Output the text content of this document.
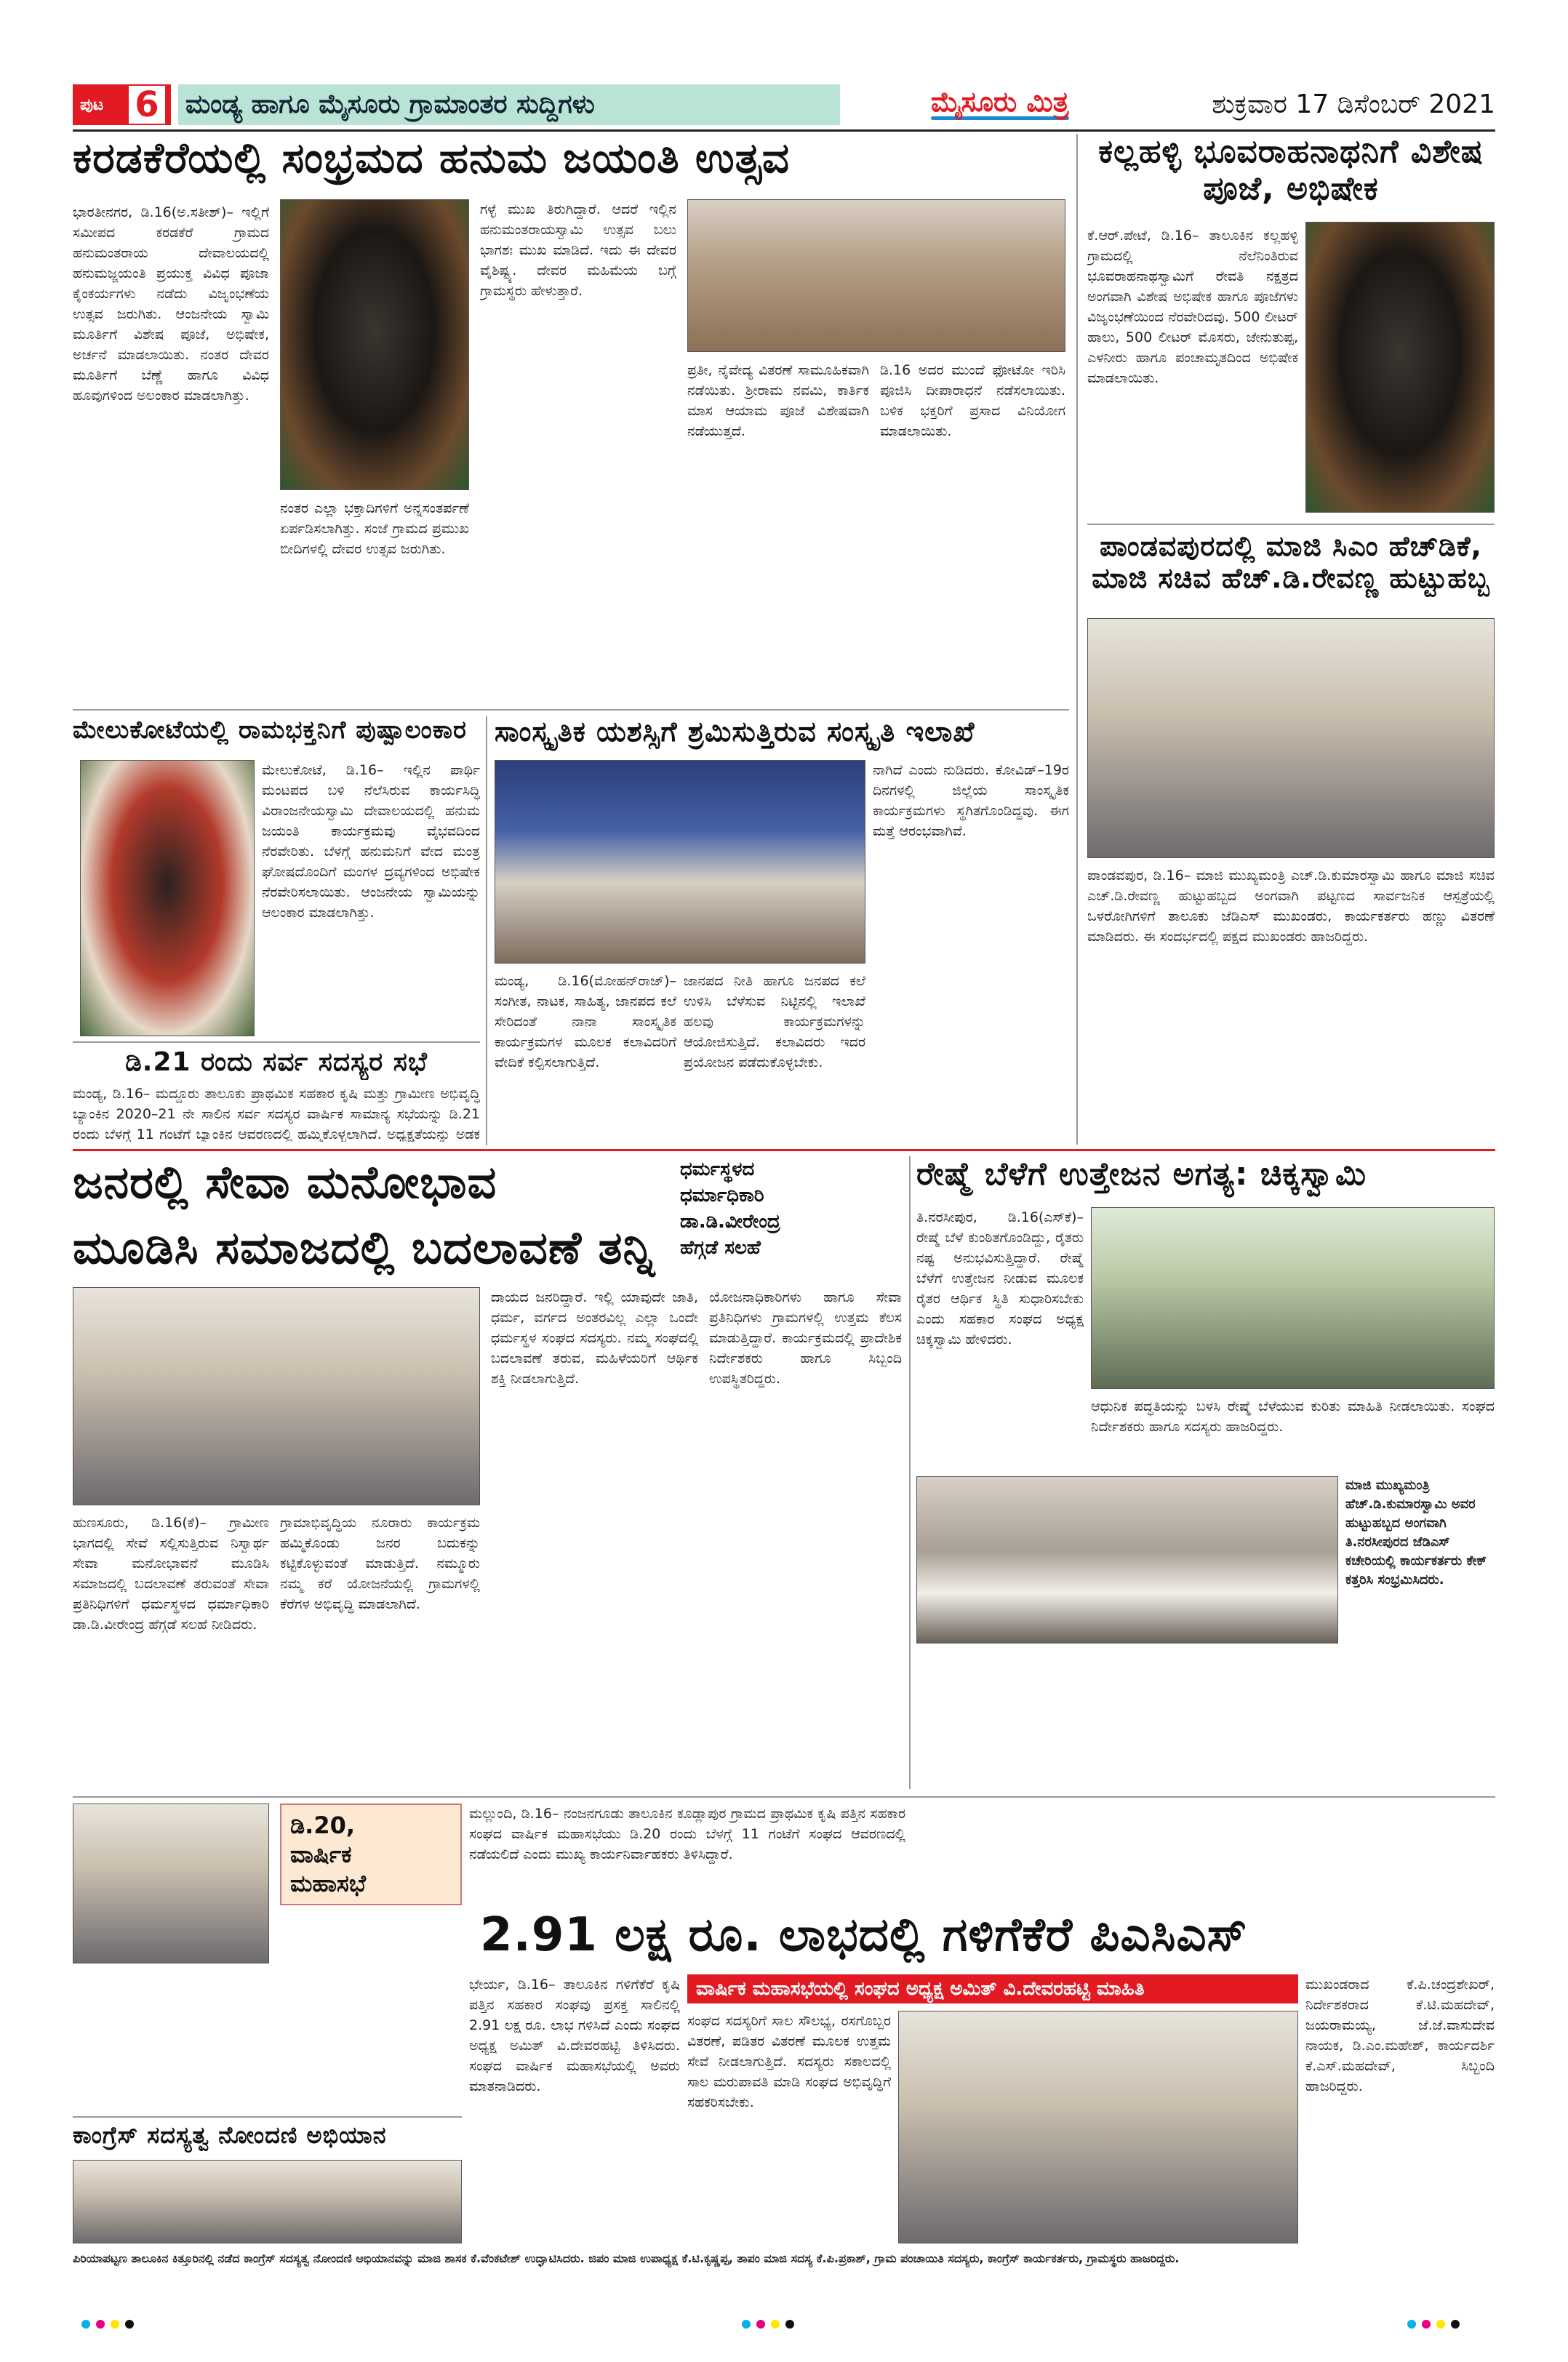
ಪುಟ 6 ಮಂಡ್ಯ ಹಾಗೂ ಮೈಸೂರು ಗ್ರಾಮಾಂತರ ಸುದ್ದಿಗಳು	ಮೈಸೂರು ಮಿತ್ರ	ಶುಕ್ರವಾರ 17 ಡಿಸೆಂಬರ್ 2021
ಕರಡಕೆರೆಯಲ್ಲಿ ಸಂಭ್ರಮದ ಹನುಮ ಜಯಂತಿ ಉತ್ಸವ
ಭಾರತೀನಗರ, ಡಿ.16(ಅ.ಸತೀಶ್)– ಇಲ್ಲಿಗೆ ಸಮೀಪದ ಕರಡಕೆರೆ ಗ್ರಾಮದ ಹನುಮಂತರಾಯ ದೇವಾಲಯದಲ್ಲಿ ಹನುಮಜ್ಜಯಂತಿ ಪ್ರಯುಕ್ತ ವಿವಿಧ ಪೂಜಾ ಕೈಂಕರ್ಯಗಳು ನಡೆದು ವಿಜೃಂಭಣೆಯ ಉತ್ಸವ ಜರುಗಿತು. ಆಂಜನೇಯ ಸ್ವಾಮಿ ಮೂರ್ತಿಗೆ ವಿಶೇಷ ಪೂಜೆ, ಅಭಿಷೇಕ, ಅರ್ಚನೆ ಮಾಡಲಾಯಿತು. ನಂತರ ದೇವರ ಮೂರ್ತಿಗೆ ಬೆಣ್ಣೆ ಹಾಗೂ ವಿವಿಧ ಹೂವುಗಳಿಂದ ಅಲಂಕಾರ ಮಾಡಲಾಗಿತ್ತು.
ನಂತರ ಎಲ್ಲಾ ಭಕ್ತಾದಿಗಳಿಗೆ ಅನ್ನಸಂತರ್ಪಣೆ ಏರ್ಪಡಿಸಲಾಗಿತ್ತು. ಸಂಜೆ ಗ್ರಾಮದ ಪ್ರಮುಖ ಬೀದಿಗಳಲ್ಲಿ ದೇವರ ಉತ್ಸವ ಜರುಗಿತು.
ಗಳ್ಳೆ ಮುಖ ತಿರುಗಿದ್ದಾರೆ. ಆದರೆ ಇಲ್ಲಿನ ಹನುಮಂತರಾಯಸ್ವಾಮಿ ಉತ್ಸವ ಬಲು ಭಾಗಶಃ ಮುಖ ಮಾಡಿದೆ. ಇದು ಈ ದೇವರ ವೈಶಿಷ್ಟ್ಯ. ದೇವರ ಮಹಿಮೆಯ ಬಗ್ಗೆ ಗ್ರಾಮಸ್ಥರು ಹೇಳುತ್ತಾರೆ.
ಪ್ರತೀ, ನೈವೇದ್ಯ ವಿತರಣೆ ಸಾಮೂಹಿಕವಾಗಿ ನಡೆಯಿತು. ಶ್ರೀರಾಮ ನವಮಿ, ಕಾರ್ತಿಕ ಮಾಸ ಆಯಾಮ ಪೂಜೆ ವಿಶೇಷವಾಗಿ ನಡೆಯುತ್ತದೆ.
ಡಿ.16 ಅದರ ಮುಂದೆ ಫೋಟೋ ಇರಿಸಿ ಪೂಜಿಸಿ ದೀಪಾರಾಧನೆ ನಡೆಸಲಾಯಿತು. ಬಳಿಕ ಭಕ್ತರಿಗೆ ಪ್ರಸಾದ ವಿನಿಯೋಗ ಮಾಡಲಾಯಿತು.
ಕಲ್ಲಹಳ್ಳಿ ಭೂವರಾಹನಾಥನಿಗೆ ವಿಶೇಷ ಪೂಜೆ, ಅಭಿಷೇಕ
ಕೆ.ಆರ್.ಪೇಟೆ, ಡಿ.16– ತಾಲೂಕಿನ ಕಲ್ಲಹಳ್ಳಿ ಗ್ರಾಮದಲ್ಲಿ ನೆಲೆನಿಂತಿರುವ ಭೂವರಾಹನಾಥಸ್ವಾಮಿಗೆ ರೇವತಿ ನಕ್ಷತ್ರದ ಅಂಗವಾಗಿ ವಿಶೇಷ ಅಭಿಷೇಕ ಹಾಗೂ ಪೂಜೆಗಳು ವಿಜೃಂಭಣೆಯಿಂದ ನೆರವೇರಿದವು. 500 ಲೀಟರ್ ಹಾಲು, 500 ಲೀಟರ್ ಮೊಸರು, ಜೇನುತುಪ್ಪ, ಎಳನೀರು ಹಾಗೂ ಪಂಚಾಮೃತದಿಂದ ಅಭಿಷೇಕ ಮಾಡಲಾಯಿತು.
ಪಾಂಡವಪುರದಲ್ಲಿ ಮಾಜಿ ಸಿಎಂ ಹೆಚ್‌ಡಿಕೆ, ಮಾಜಿ ಸಚಿವ ಹೆಚ್.ಡಿ.ರೇವಣ್ಣ ಹುಟ್ಟುಹಬ್ಬ
ಪಾಂಡವಪುರ, ಡಿ.16– ಮಾಜಿ ಮುಖ್ಯಮಂತ್ರಿ ಎಚ್.ಡಿ.ಕುಮಾರಸ್ವಾಮಿ ಹಾಗೂ ಮಾಜಿ ಸಚಿವ ಎಚ್.ಡಿ.ರೇವಣ್ಣ ಹುಟ್ಟುಹಬ್ಬದ ಅಂಗವಾಗಿ ಪಟ್ಟಣದ ಸಾರ್ವಜನಿಕ ಆಸ್ಪತ್ರೆಯಲ್ಲಿ ಒಳರೋಗಿಗಳಿಗೆ ತಾಲೂಕು ಜೆಡಿಎಸ್ ಮುಖಂಡರು, ಕಾರ್ಯಕರ್ತರು ಹಣ್ಣು ವಿತರಣೆ ಮಾಡಿದರು. ಈ ಸಂದರ್ಭದಲ್ಲಿ ಪಕ್ಷದ ಮುಖಂಡರು ಹಾಜರಿದ್ದರು.
ಮೇಲುಕೋಟೆಯಲ್ಲಿ ರಾಮಭಕ್ತನಿಗೆ ಪುಷ್ಪಾಲಂಕಾರ
ಮೇಲುಕೋಟೆ, ಡಿ.16– ಇಲ್ಲಿನ ಪಾರ್ಥಿ ಮಂಟಪದ ಬಳಿ ನೆಲೆಸಿರುವ ಕಾರ್ಯಸಿದ್ಧಿ ವಿರಾಂಜನೇಯಸ್ವಾಮಿ ದೇವಾಲಯದಲ್ಲಿ ಹನುಮ ಜಯಂತಿ ಕಾರ್ಯಕ್ರಮವು ವೈಭವದಿಂದ ನೆರವೇರಿತು. ಬೆಳಗ್ಗೆ ಹನುಮನಿಗೆ ವೇದ ಮಂತ್ರ ಘೋಷದೊಂದಿಗೆ ಮಂಗಳ ದ್ರವ್ಯಗಳಿಂದ ಅಭಿಷೇಕ ನೆರವೇರಿಸಲಾಯಿತು. ಆಂಜನೇಯ ಸ್ವಾಮಿಯನ್ನು ಆಲಂಕಾರ ಮಾಡಲಾಗಿತ್ತು.
ಡಿ.21 ರಂದು ಸರ್ವ ಸದಸ್ಯರ ಸಭೆ
ಮಂಡ್ಯ, ಡಿ.16– ಮದ್ದೂರು ತಾಲೂಕು ಪ್ರಾಥಮಿಕ ಸಹಕಾರ ಕೃಷಿ ಮತ್ತು ಗ್ರಾಮೀಣ ಅಭಿವೃದ್ಧಿ ಬ್ಯಾಂಕಿನ 2020–21 ನೇ ಸಾಲಿನ ಸರ್ವ ಸದಸ್ಯರ ವಾರ್ಷಿಕ ಸಾಮಾನ್ಯ ಸಭೆಯನ್ನು ಡಿ.21 ರಂದು ಬೆಳಗ್ಗೆ 11 ಗಂಟೆಗೆ ಬ್ಯಾಂಕಿನ ಆವರಣದಲ್ಲಿ ಹಮ್ಮಿಕೊಳ್ಳಲಾಗಿದೆ. ಅಧ್ಯಕ್ಷತೆಯನ್ನು ಅಡಕ
ಸಾಂಸ್ಕೃತಿಕ ಯಶಸ್ಸಿಗೆ ಶ್ರಮಿಸುತ್ತಿರುವ ಸಂಸ್ಕೃತಿ ಇಲಾಖೆ
ಮಂಡ್ಯ, ಡಿ.16(ಮೋಹನ್‌ರಾಜ್)– ಸಂಗೀತ, ನಾಟಕ, ಸಾಹಿತ್ಯ, ಜಾನಪದ ಕಲೆ ಸೇರಿದಂತೆ ನಾನಾ ಸಾಂಸ್ಕೃತಿಕ ಕಾರ್ಯಕ್ರಮಗಳ ಮೂಲಕ ಕಲಾವಿದರಿಗೆ ವೇದಿಕೆ ಕಲ್ಪಿಸಲಾಗುತ್ತಿದೆ.
ಜಾನಪದ ನೀತಿ ಹಾಗೂ ಜನಪದ ಕಲೆ ಉಳಿಸಿ ಬೆಳೆಸುವ ನಿಟ್ಟಿನಲ್ಲಿ ಇಲಾಖೆ ಹಲವು ಕಾರ್ಯಕ್ರಮಗಳನ್ನು ಆಯೋಜಿಸುತ್ತಿದೆ. ಕಲಾವಿದರು ಇದರ ಪ್ರಯೋಜನ ಪಡೆದುಕೊಳ್ಳಬೇಕು.
ನಾಗಿದೆ ಎಂದು ನುಡಿದರು. ಕೋವಿಡ್–19ರ ದಿನಗಳಲ್ಲಿ ಜಿಲ್ಲೆಯ ಸಾಂಸ್ಕೃತಿಕ ಕಾರ್ಯಕ್ರಮಗಳು ಸ್ಥಗಿತಗೊಂಡಿದ್ದವು. ಈಗ ಮತ್ತೆ ಆರಂಭವಾಗಿವೆ.
ಜನರಲ್ಲಿ ಸೇವಾ ಮನೋಭಾವ
ಮೂಡಿಸಿ ಸಮಾಜದಲ್ಲಿ ಬದಲಾವಣೆ ತನ್ನಿ
ಧರ್ಮಸ್ಥಳದ
ಧರ್ಮಾಧಿಕಾರಿ
ಡಾ.ಡಿ.ವೀರೇಂದ್ರ
ಹೆಗ್ಗಡೆ ಸಲಹೆ
ಹುಣಸೂರು, ಡಿ.16(ಕೆ)– ಗ್ರಾಮೀಣ ಭಾಗದಲ್ಲಿ ಸೇವೆ ಸಲ್ಲಿಸುತ್ತಿರುವ ನಿಸ್ವಾರ್ಥ ಸೇವಾ ಮನೋಭಾವನೆ ಮೂಡಿಸಿ ಸಮಾಜದಲ್ಲಿ ಬದಲಾವಣೆ ತರುವಂತೆ ಸೇವಾ ಪ್ರತಿನಿಧಿಗಳಿಗೆ ಧರ್ಮಸ್ಥಳದ ಧರ್ಮಾಧಿಕಾರಿ ಡಾ.ಡಿ.ವೀರೇಂದ್ರ ಹೆಗ್ಗಡೆ ಸಲಹೆ ನೀಡಿದರು.
ಗ್ರಾಮಾಭಿವೃದ್ಧಿಯ ನೂರಾರು ಕಾರ್ಯಕ್ರಮ ಹಮ್ಮಿಕೊಂಡು ಜನರ ಬದುಕನ್ನು ಕಟ್ಟಿಕೊಳ್ಳುವಂತೆ ಮಾಡುತ್ತಿದೆ. ನಮ್ಮೂರು ನಮ್ಮ ಕರೆ ಯೋಜನೆಯಲ್ಲಿ ಗ್ರಾಮಗಳಲ್ಲಿ ಕೆರೆಗಳ ಅಭಿವೃದ್ಧಿ ಮಾಡಲಾಗಿದೆ.
ದಾಯದ ಜನರಿದ್ದಾರೆ. ಇಲ್ಲಿ ಯಾವುದೇ ಜಾತಿ, ಧರ್ಮ, ವರ್ಗದ ಅಂತರವಿಲ್ಲ ಎಲ್ಲಾ ಒಂದೇ ಧರ್ಮಸ್ಥಳ ಸಂಘದ ಸದಸ್ಯರು. ನಮ್ಮ ಸಂಘದಲ್ಲಿ ಬದಲಾವಣೆ ತರುವ, ಮಹಿಳೆಯರಿಗೆ ಆರ್ಥಿಕ ಶಕ್ತಿ ನೀಡಲಾಗುತ್ತಿದೆ.
ಯೋಜನಾಧಿಕಾರಿಗಳು ಹಾಗೂ ಸೇವಾ ಪ್ರತಿನಿಧಿಗಳು ಗ್ರಾಮಗಳಲ್ಲಿ ಉತ್ತಮ ಕೆಲಸ ಮಾಡುತ್ತಿದ್ದಾರೆ. ಕಾರ್ಯಕ್ರಮದಲ್ಲಿ ಪ್ರಾದೇಶಿಕ ನಿರ್ದೇಶಕರು ಹಾಗೂ ಸಿಬ್ಬಂದಿ ಉಪಸ್ಥಿತರಿದ್ದರು.
ರೇಷ್ಮೆ ಬೆಳೆಗೆ ಉತ್ತೇಜನ ಅಗತ್ಯ: ಚಿಕ್ಕಸ್ವಾಮಿ
ತಿ.ನರಸೀಪುರ, ಡಿ.16(ಎಸ್‌ಕೆ)– ರೇಷ್ಮೆ ಬೆಳೆ ಕುಂಠಿತಗೊಂಡಿದ್ದು, ರೈತರು ನಷ್ಟ ಅನುಭವಿಸುತ್ತಿದ್ದಾರೆ. ರೇಷ್ಮೆ ಬೆಳೆಗೆ ಉತ್ತೇಜನ ನೀಡುವ ಮೂಲಕ ರೈತರ ಆರ್ಥಿಕ ಸ್ಥಿತಿ ಸುಧಾರಿಸಬೇಕು ಎಂದು ಸಹಕಾರ ಸಂಘದ ಅಧ್ಯಕ್ಷ ಚಿಕ್ಕಸ್ವಾಮಿ ಹೇಳಿದರು.
ಆಧುನಿಕ ಪದ್ಧತಿಯನ್ನು ಬಳಸಿ ರೇಷ್ಮೆ ಬೆಳೆಯುವ ಕುರಿತು ಮಾಹಿತಿ ನೀಡಲಾಯಿತು. ಸಂಘದ ನಿರ್ದೇಶಕರು ಹಾಗೂ ಸದಸ್ಯರು ಹಾಜರಿದ್ದರು.
ಮಾಜಿ ಮುಖ್ಯಮಂತ್ರಿ ಹೆಚ್.ಡಿ.ಕುಮಾರಸ್ವಾಮಿ ಅವರ ಹುಟ್ಟುಹಬ್ಬದ ಅಂಗವಾಗಿ ತಿ.ನರಸೀಪುರದ ಜೆಡಿಎಸ್ ಕಚೇರಿಯಲ್ಲಿ ಕಾರ್ಯಕರ್ತರು ಕೇಕ್ ಕತ್ತರಿಸಿ ಸಂಭ್ರಮಿಸಿದರು.
ಡಿ.20,
ವಾರ್ಷಿಕ
ಮಹಾಸಭೆ
ಮಲ್ಲುಂದಿ, ಡಿ.16– ನಂಜನಗೂಡು ತಾಲೂಕಿನ ಕೂಡ್ಲಾಪುರ ಗ್ರಾಮದ ಪ್ರಾಥಮಿಕ ಕೃಷಿ ಪತ್ತಿನ ಸಹಕಾರ ಸಂಘದ ವಾರ್ಷಿಕ ಮಹಾಸಭೆಯು ಡಿ.20 ರಂದು ಬೆಳಗ್ಗೆ 11 ಗಂಟೆಗೆ ಸಂಘದ ಆವರಣದಲ್ಲಿ ನಡೆಯಲಿದೆ ಎಂದು ಮುಖ್ಯ ಕಾರ್ಯನಿರ್ವಾಹಕರು ತಿಳಿಸಿದ್ದಾರೆ.
2.91 ಲಕ್ಷ ರೂ. ಲಾಭದಲ್ಲಿ ಗಳಿಗೆಕೆರೆ ಪಿಎಸಿಎಸ್
ಭೇರ್ಯ, ಡಿ.16– ತಾಲೂಕಿನ ಗಳಿಗೆಕೆರೆ ಕೃಷಿ ಪತ್ತಿನ ಸಹಕಾರ ಸಂಘವು ಪ್ರಸಕ್ತ ಸಾಲಿನಲ್ಲಿ 2.91 ಲಕ್ಷ ರೂ. ಲಾಭ ಗಳಿಸಿದೆ ಎಂದು ಸಂಘದ ಅಧ್ಯಕ್ಷ ಅಮಿತ್ ವಿ.ದೇವರಹಟ್ಟಿ ತಿಳಿಸಿದರು. ಸಂಘದ ವಾರ್ಷಿಕ ಮಹಾಸಭೆಯಲ್ಲಿ ಅವರು ಮಾತನಾಡಿದರು.
ವಾರ್ಷಿಕ ಮಹಾಸಭೆಯಲ್ಲಿ ಸಂಘದ ಅಧ್ಯಕ್ಷ ಅಮಿತ್ ವಿ.ದೇವರಹಟ್ಟಿ ಮಾಹಿತಿ
ಸಂಘದ ಸದಸ್ಯರಿಗೆ ಸಾಲ ಸೌಲಭ್ಯ, ರಸಗೊಬ್ಬರ ವಿತರಣೆ, ಪಡಿತರ ವಿತರಣೆ ಮೂಲಕ ಉತ್ತಮ ಸೇವೆ ನೀಡಲಾಗುತ್ತಿದೆ. ಸದಸ್ಯರು ಸಕಾಲದಲ್ಲಿ ಸಾಲ ಮರುಪಾವತಿ ಮಾಡಿ ಸಂಘದ ಅಭಿವೃದ್ಧಿಗೆ ಸಹಕರಿಸಬೇಕು.
ಮುಖಂಡರಾದ ಕೆ.ಪಿ.ಚಂದ್ರಶೇಖರ್, ನಿರ್ದೇಶಕರಾದ ಕೆ.ಟಿ.ಮಹದೇವ್, ಜಯರಾಮಯ್ಯ, ಜೆ.ಜೆ.ವಾಸುದೇವ ನಾಯಕ, ಡಿ.ಎಂ.ಮಹೇಶ್, ಕಾರ್ಯದರ್ಶಿ ಕೆ.ಎಸ್.ಮಹದೇವ್, ಸಿಬ್ಬಂದಿ ಹಾಜರಿದ್ದರು.
ಕಾಂಗ್ರೆಸ್ ಸದಸ್ಯತ್ವ ನೋಂದಣಿ ಅಭಿಯಾನ
ಪಿರಿಯಾಪಟ್ಟಣ ತಾಲೂಕಿನ ಕಿತ್ತೂರಿನಲ್ಲಿ ನಡೆದ ಕಾಂಗ್ರೆಸ್ ಸದಸ್ಯತ್ವ ನೋಂದಣಿ ಅಭಿಯಾನವನ್ನು ಮಾಜಿ ಶಾಸಕ ಕೆ.ವೆಂಕಟೇಶ್ ಉದ್ಘಾಟಿಸಿದರು. ಜಿಪಂ ಮಾಜಿ ಉಪಾಧ್ಯಕ್ಷ ಕೆ.ಟಿ.ಕೃಷ್ಣಪ್ಪ, ತಾಪಂ ಮಾಜಿ ಸದಸ್ಯ ಕೆ.ಪಿ.ಪ್ರಕಾಶ್, ಗ್ರಾಮ ಪಂಚಾಯಿತಿ ಸದಸ್ಯರು, ಕಾಂಗ್ರೆಸ್ ಕಾರ್ಯಕರ್ತರು, ಗ್ರಾಮಸ್ಥರು ಹಾಜರಿದ್ದರು.
